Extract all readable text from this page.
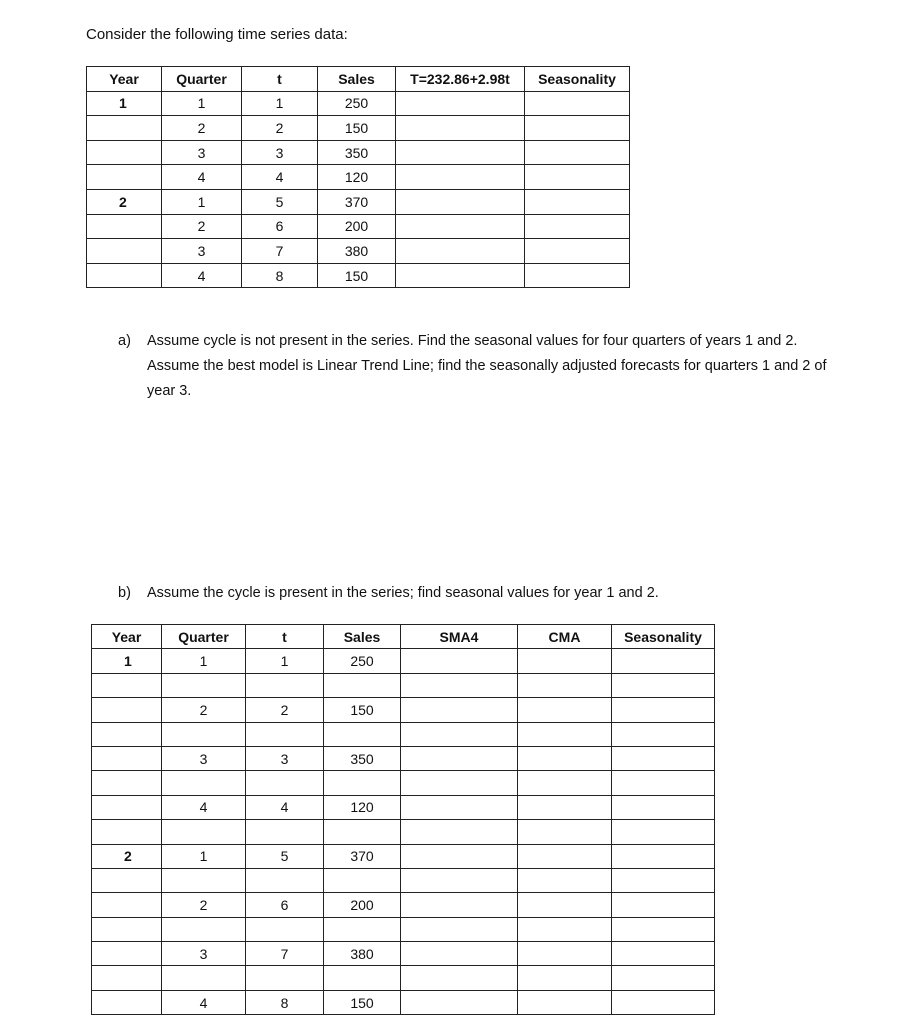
Consider the following time series data:
Year	Quarter	t	Sales	T=232.86+2.98t	Seasonality
1	1	1	250		
	2	2	150		
	3	3	350		
	4	4	120		
2	1	5	370		
	2	6	200		
	3	7	380		
	4	8	150		
a) Assume cycle is not present in the series. Find the seasonal values for four quarters of years 1 and 2. Assume the best model is Linear Trend Line; find the seasonally adjusted forecasts for quarters 1 and 2 of year 3.
b) Assume the cycle is present in the series; find seasonal values for year 1 and 2.
Year	Quarter	t	Sales	SMA4	CMA	Seasonality
1	1	1	250			

	2	2	150			

	3	3	350			

	4	4	120			

2	1	5	370			

	2	6	200			

	3	7	380			

	4	8	150			
